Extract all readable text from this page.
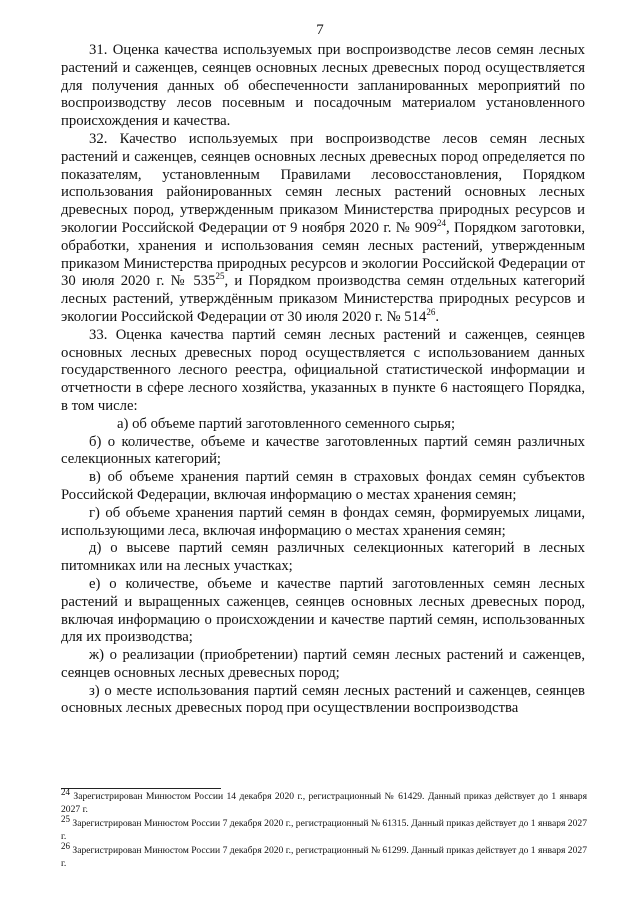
7

31. Оценка качества используемых при воспроизводстве лесов семян лесных растений и саженцев, сеянцев основных лесных древесных пород осуществляется для получения данных об обеспеченности запланированных мероприятий по воспроизводству лесов посевным и посадочным материалом установленного происхождения и качества.

32. Качество используемых при воспроизводстве лесов семян лесных растений и саженцев, сеянцев основных лесных древесных пород определяется по показателям, установленным Правилами лесовосстановления, Порядком использования районированных семян лесных растений основных лесных древесных пород, утвержденным приказом Министерства природных ресурсов и экологии Российской Федерации от 9 ноября 2020 г. № $909^{24}$, Порядком заготовки, обработки, хранения и использования семян лесных растений, утвержденным приказом Министерства природных ресурсов и экологии Российской Федерации от 30 июля 2020 г. № $535^{25}$, и Порядком производства семян отдельных категорий лесных растений, утверждённым приказом Министерства природных ресурсов и экологии Российской Федерации от 30 июля 2020 г. № $514^{26}$.

33. Оценка качества партий семян лесных растений и саженцев, сеянцев основных лесных древесных пород осуществляется с использованием данных государственного лесного реестра, официальной статистической информации и отчетности в сфере лесного хозяйства, указанных в пункте 6 настоящего Порядка, в том числе:

а) об объеме партий заготовленного семенного сырья;

б) о количестве, объеме и качестве заготовленных партий семян различных селекционных категорий;

в) об объеме хранения партий семян в страховых фондах семян субъектов Российской Федерации, включая информацию о местах хранения семян;

г) об объеме хранения партий семян в фондах семян, формируемых лицами, использующими леса, включая информацию о местах хранения семян;

д) о высеве партий семян различных селекционных категорий в лесных питомниках или на лесных участках;

е) о количестве, объеме и качестве партий заготовленных семян лесных растений и выращенных саженцев, сеянцев основных лесных древесных пород, включая информацию о происхождении и качестве партий семян, использованных для их производства;

ж) о реализации (приобретении) партий семян лесных растений и саженцев, сеянцев основных лесных древесных пород;

з) о месте использования партий семян лесных растений и саженцев, сеянцев основных лесных древесных пород при осуществлении воспроизводства

$^{24}$ Зарегистрирован Минюстом России 14 декабря 2020 г., регистрационный № 61429. Данный приказ действует до 1 января 2027 г.

$^{25}$ Зарегистрирован Минюстом России 7 декабря 2020 г., регистрационный № 61315. Данный приказ действует до 1 января 2027 г.

$^{26}$ Зарегистрирован Минюстом России 7 декабря 2020 г., регистрационный № 61299. Данный приказ действует до 1 января 2027 г.
